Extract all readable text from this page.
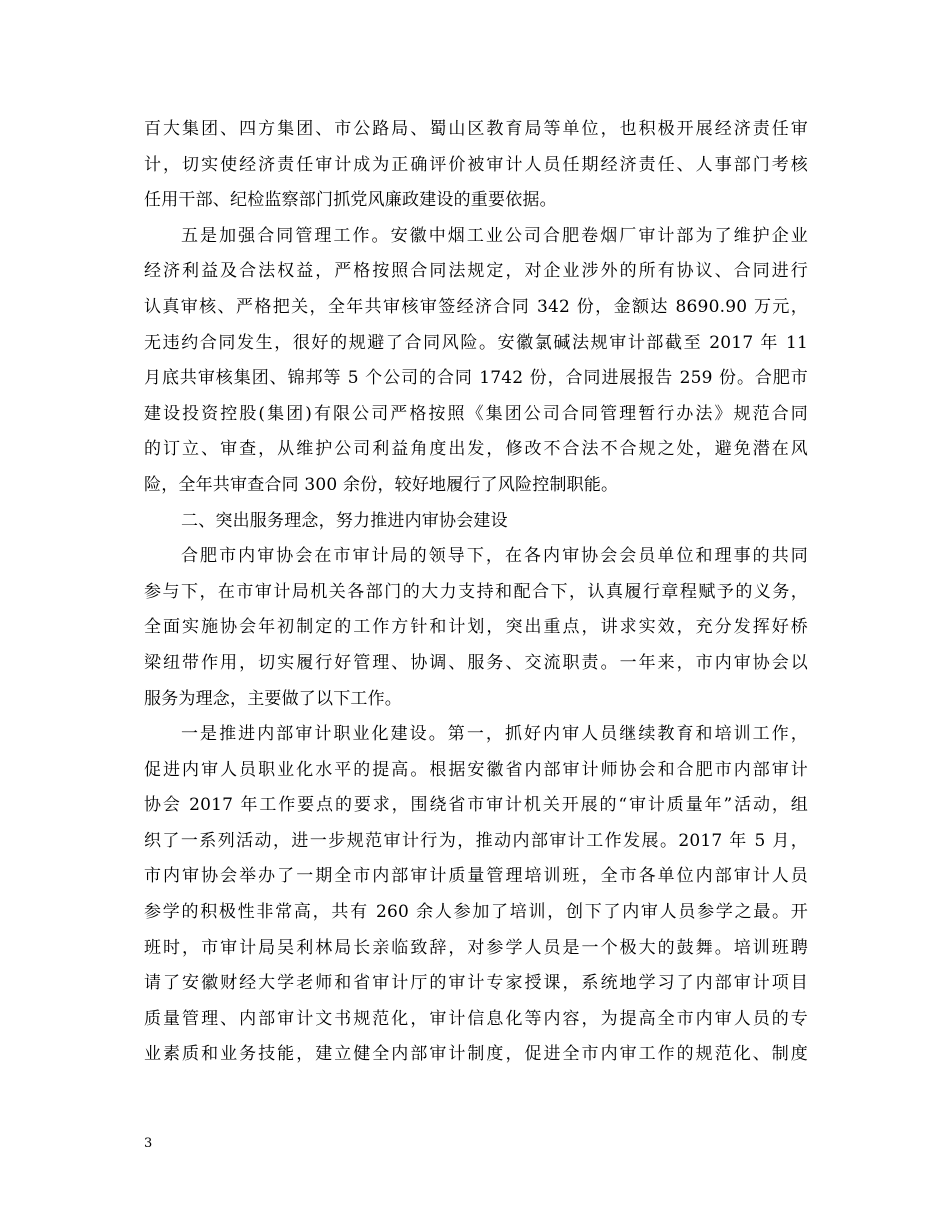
百大集团、四方集团、市公路局、蜀山区教育局等单位，也积极开展经济责任审
计，切实使经济责任审计成为正确评价被审计人员任期经济责任、人事部门考核
任用干部、纪检监察部门抓党风廉政建设的重要依据。
五是加强合同管理工作。安徽中烟工业公司合肥卷烟厂审计部为了维护企业
经济利益及合法权益，严格按照合同法规定，对企业涉外的所有协议、合同进行
认真审核、严格把关，全年共审核审签经济合同 342 份，金额达 8690.90 万元，
无违约合同发生，很好的规避了合同风险。安徽氯碱法规审计部截至 2017 年 11
月底共审核集团、锦邦等 5 个公司的合同 1742 份，合同进展报告 259 份。合肥市
建设投资控股(集团)有限公司严格按照《集团公司合同管理暂行办法》规范合同
的订立、审查，从维护公司利益角度出发，修改不合法不合规之处，避免潜在风
险，全年共审查合同 300 余份，较好地履行了风险控制职能。
二、突出服务理念，努力推进内审协会建设
合肥市内审协会在市审计局的领导下，在各内审协会会员单位和理事的共同
参与下，在市审计局机关各部门的大力支持和配合下，认真履行章程赋予的义务，
全面实施协会年初制定的工作方针和计划，突出重点，讲求实效，充分发挥好桥
梁纽带作用，切实履行好管理、协调、服务、交流职责。一年来，市内审协会以
服务为理念，主要做了以下工作。
一是推进内部审计职业化建设。第一，抓好内审人员继续教育和培训工作，
促进内审人员职业化水平的提高。根据安徽省内部审计师协会和合肥市内部审计
协会 2017 年工作要点的要求，围绕省市审计机关开展的“审计质量年”活动，组
织了一系列活动，进一步规范审计行为，推动内部审计工作发展。2017 年 5 月，
市内审协会举办了一期全市内部审计质量管理培训班，全市各单位内部审计人员
参学的积极性非常高，共有 260 余人参加了培训，创下了内审人员参学之最。开
班时，市审计局吴利林局长亲临致辞，对参学人员是一个极大的鼓舞。培训班聘
请了安徽财经大学老师和省审计厅的审计专家授课，系统地学习了内部审计项目
质量管理、内部审计文书规范化，审计信息化等内容，为提高全市内审人员的专
业素质和业务技能，建立健全内部审计制度，促进全市内审工作的规范化、制度
3
